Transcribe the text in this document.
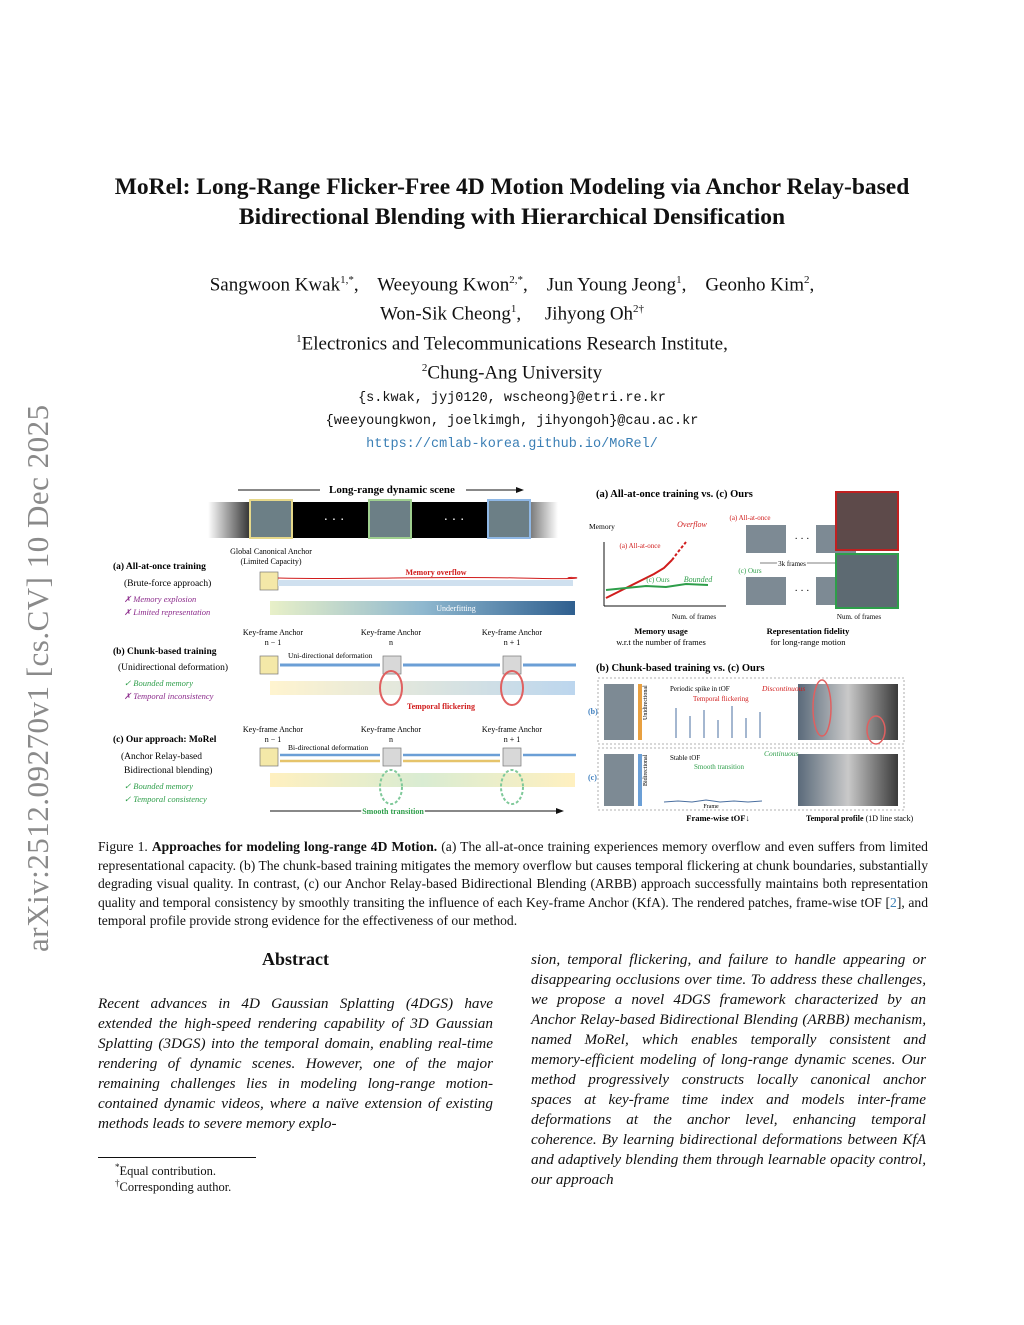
arXiv:2512.09270v1 [cs.CV] 10 Dec 2025
MoRel: Long-Range Flicker-Free 4D Motion Modeling via Anchor Relay-based
Bidirectional Blending with Hierarchical Densification
Sangwoon Kwak$^{1,*}$,    Weeyoung Kwon$^{2,*}$,    Jun Young Jeong$^1$,    Geonho Kim$^2$,
Won-Sik Cheong$^1$,     Jihyong $Oh^{2\dagger}$
$^1$Electronics and Telecommunications Research Institute,
$^2$Chung-Ang University
{s.kwak, jyj0120, wscheong}@etri.re.kr
{weeyoungkwon, joelkimgh, jihyongoh}@cau.ac.kr
https://cmlab-korea.github.io/MoRel/
Long-range dynamic scene
· · ·	· · ·
Global Canonical Anchor
(Limited Capacity)
(a) All-at-once training
(Brute-force approach)
✗ Memory explosion
✗ Limited representation
Memory overflow
Underfitting
Key-frame Anchor
n − 1
Key-frame Anchor
n
Key-frame Anchor
n + 1
Uni-directional deformation
(b) Chunk-based training
(Unidirectional deformation)
✓ Bounded memory
✗ Temporal inconsistency
Temporal flickering
Key-frame Anchor
n − 1
Key-frame Anchor
n
Key-frame Anchor
n + 1
Bi-directional deformation
(c) Our approach: MoRel
(Anchor Relay-based
Bidirectional blending)
✓ Bounded memory
✓ Temporal consistency
Smooth transition
(a) All-at-once training vs. (c) Ours
Memory	Overflow
(a) All-at-once
(c) Ours Bounded
Num. of frames
Memory usage
w.r.t the number of frames
(a) All-at-once
· · ·
3k frames
(c) Ours
· · ·
Num. of frames
Representation fidelity
for long-range motion
(b) Chunk-based training vs. (c) Ours
(b)
(c)
Unidirectional
Bidirectional
Periodic spike in tOF
Temporal flickering
Stable tOF
Smooth transition
Frame
Discontinuous
Continuous
Frame-wise tOF↓	Temporal profile (1D line stack)
Figure 1. Approaches for modeling long-range 4D Motion. (a) The all-at-once training experiences memory overflow and even suffers from limited representational capacity. (b) The chunk-based training mitigates the memory overflow but causes temporal flickering at chunk boundaries, substantially degrading visual quality. In contrast, (c) our Anchor Relay-based Bidirectional Blending (ARBB) approach successfully maintains both representation quality and temporal consistency by smoothly transiting the influence of each Key-frame Anchor (KfA). The rendered patches, frame-wise tOF [2], and temporal profile provide strong evidence for the effectiveness of our method.
Abstract
Recent advances in 4D Gaussian Splatting (4DGS) have extended the high-speed rendering capability of 3D Gaussian Splatting (3DGS) into the temporal domain, enabling real-time rendering of dynamic scenes. However, one of the major remaining challenges lies in modeling long-range motion-contained dynamic videos, where a naïve extension of existing methods leads to severe memory explo-
sion, temporal flickering, and failure to handle appearing or disappearing occlusions over time. To address these challenges, we propose a novel 4DGS framework characterized by an Anchor Relay-based Bidirectional Blending (ARBB) mechanism, named MoRel, which enables temporally consistent and memory-efficient modeling of long-range dynamic scenes. Our method progressively constructs locally canonical anchor spaces at key-frame time index and models inter-frame deformations at the anchor level, enhancing temporal coherence. By learning bidirectional deformations between KfA and adaptively blending them through learnable opacity control, our approach
*Equal contribution.
†Corresponding author.
